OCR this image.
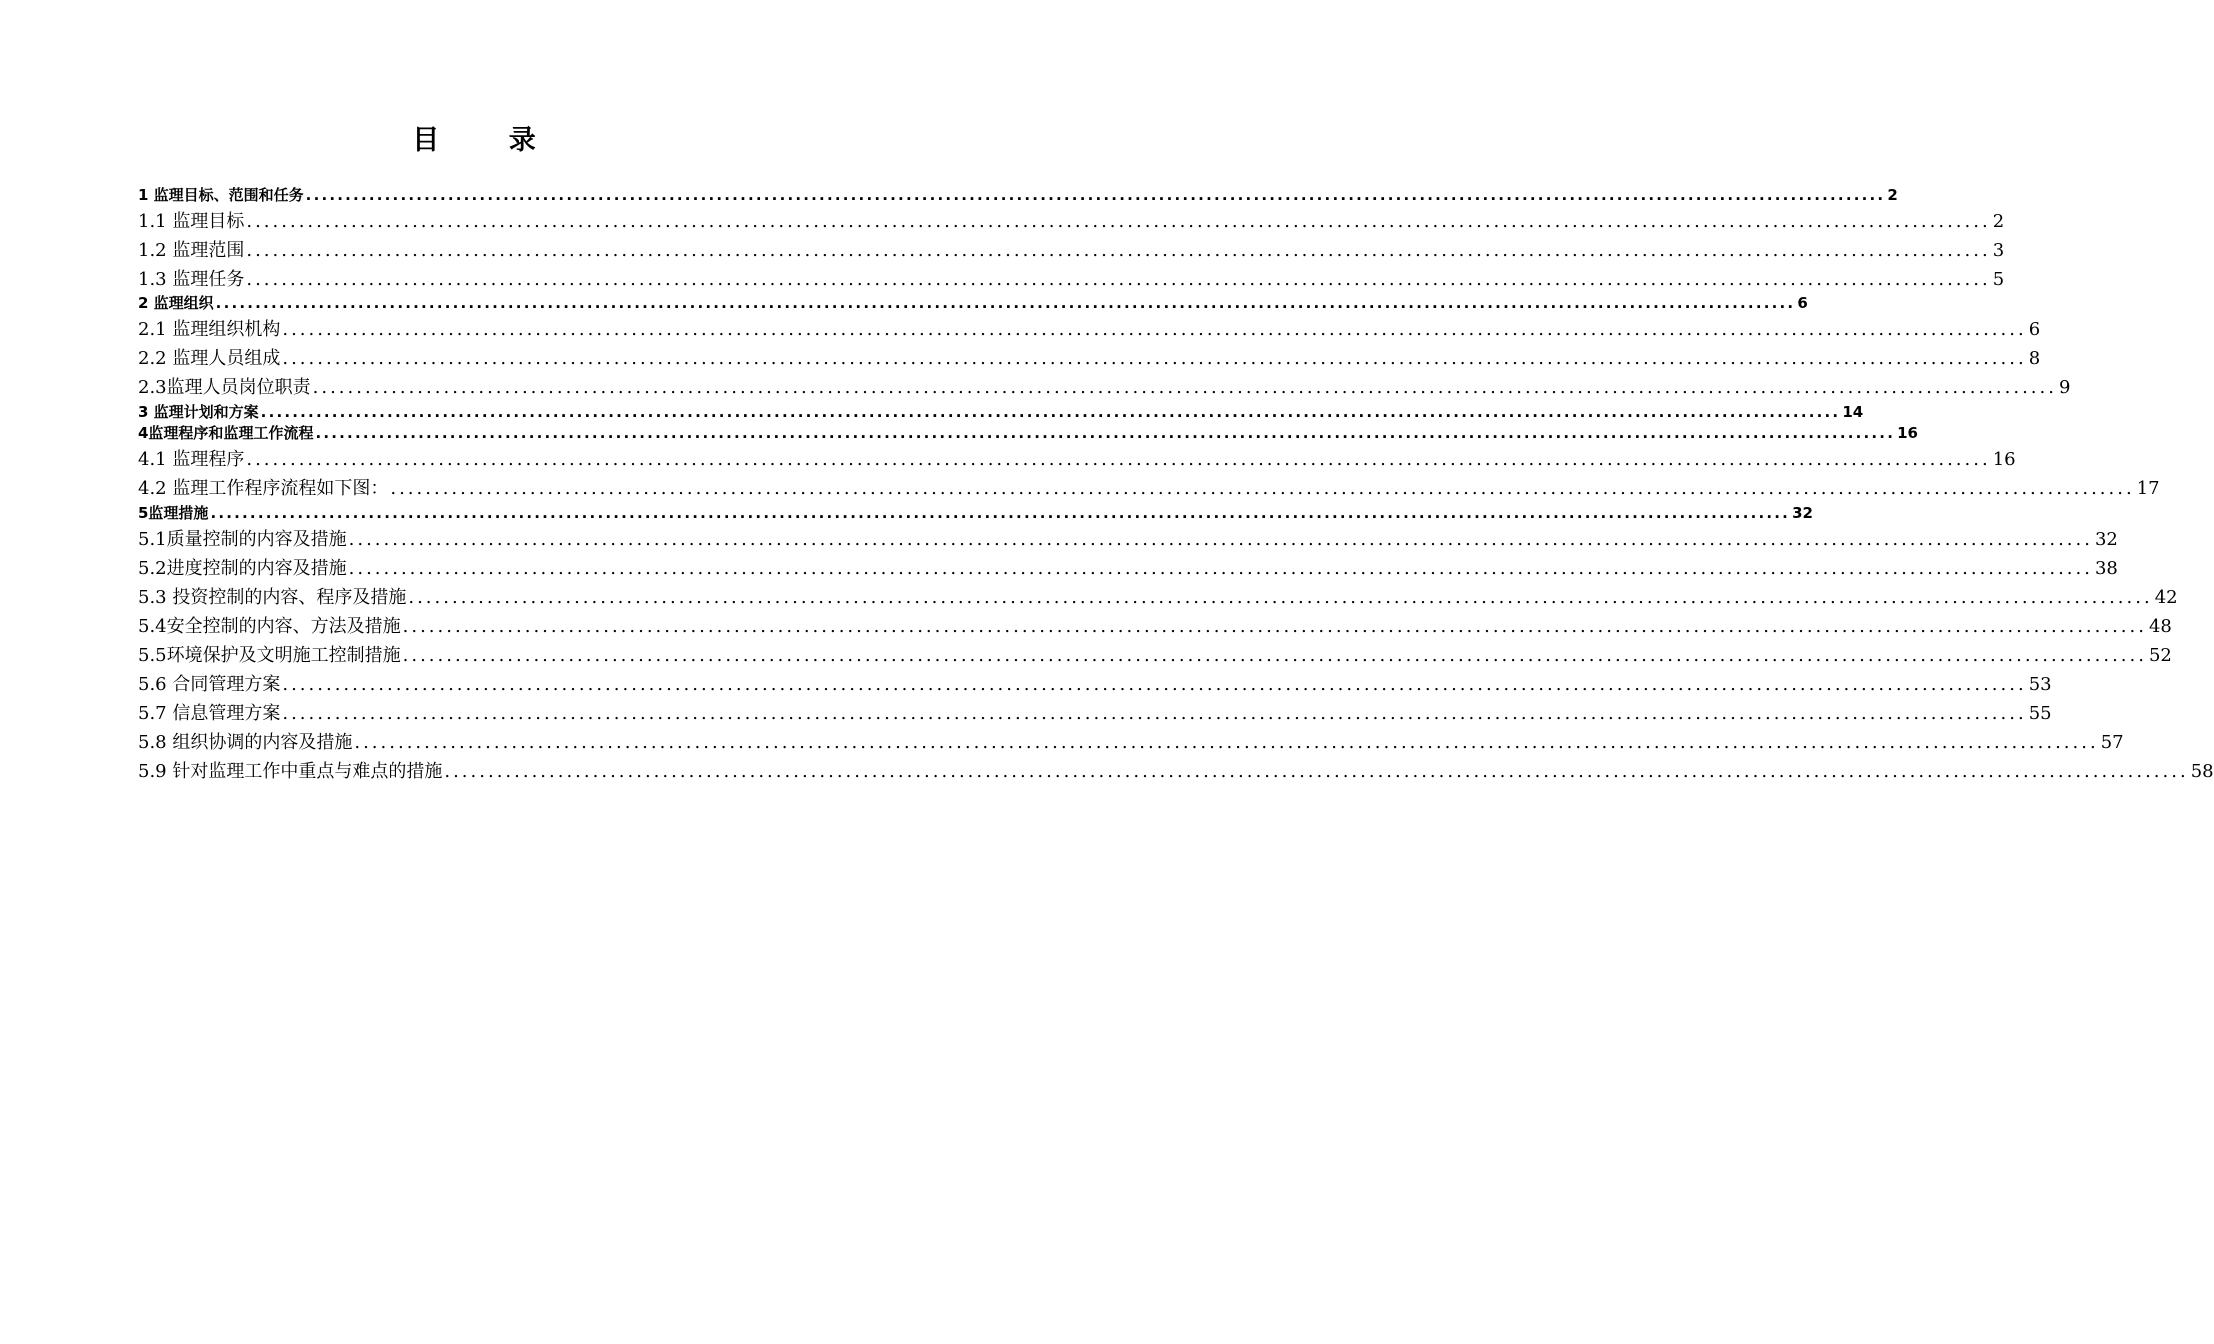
目 录
1 监理目标、范围和任务 ........................................................................................................................................................................................................ 2
1.1 监理目标 ........................................................................................................................................................................................................ 2
1.2 监理范围 ........................................................................................................................................................................................................ 3
1.3 监理任务 ........................................................................................................................................................................................................ 5
2 监理组织 ........................................................................................................................................................................................................ 6
2.1 监理组织机构 ........................................................................................................................................................................................................ 6
2.2 监理人员组成 ........................................................................................................................................................................................................ 8
2.3监理人员岗位职责 ........................................................................................................................................................................................................ 9
3 监理计划和方案 ........................................................................................................................................................................................................ 14
4监理程序和监理工作流程 ........................................................................................................................................................................................................ 16
4.1 监理程序 ........................................................................................................................................................................................................ 16
4.2 监理工作程序流程如下图： ........................................................................................................................................................................................................ 17
5监理措施 ........................................................................................................................................................................................................ 32
5.1质量控制的内容及措施 ........................................................................................................................................................................................................ 32
5.2进度控制的内容及措施 ........................................................................................................................................................................................................ 38
5.3 投资控制的内容、程序及措施 ........................................................................................................................................................................................................ 42
5.4安全控制的内容、方法及措施 ........................................................................................................................................................................................................ 48
5.5环境保护及文明施工控制措施 ........................................................................................................................................................................................................ 52
5.6 合同管理方案 ........................................................................................................................................................................................................ 53
5.7 信息管理方案 ........................................................................................................................................................................................................ 55
5.8 组织协调的内容及措施 ........................................................................................................................................................................................................ 57
5.9 针对监理工作中重点与难点的措施 ........................................................................................................................................................................................................ 58
